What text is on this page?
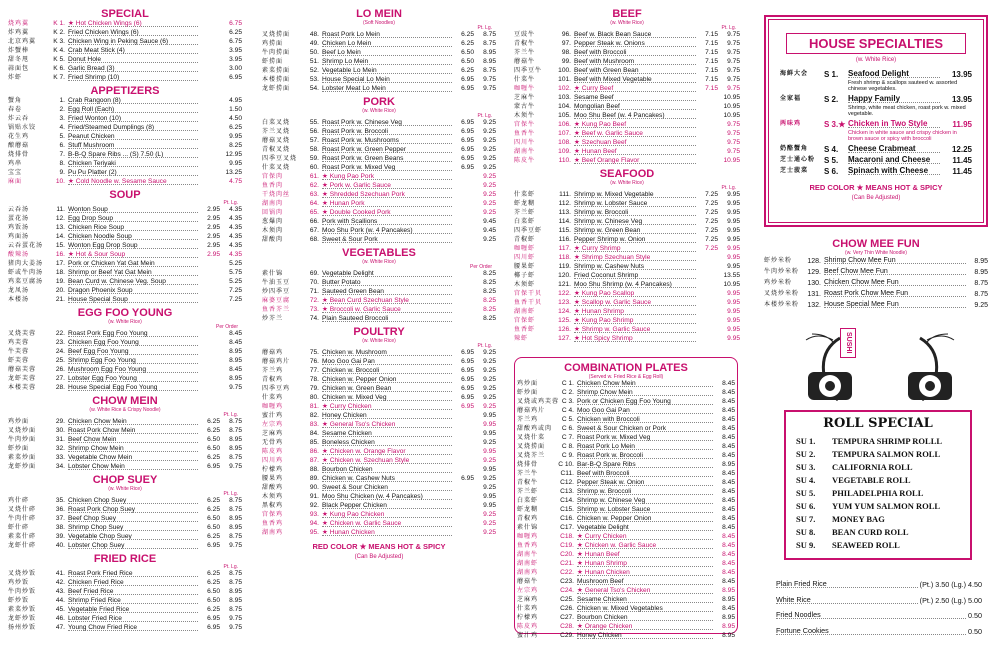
SPECIAL
烧鸡翼	K 1. ★ Hot Chicken Wings (6)	6.75
炸鸡翼	K 2. Fried Chicken Wings (6)	6.25
北京鸡翼	K 3. Chicken Wing in Peking Sauce (6)	6.75
炸蟹棒	K 4. Crab Meat Stick (4)	3.95
甜冬甩	K 5. Donut Hole	3.95
蒜面包	K 6. Garlic Bread (3)	3.00
炸虾	K 7. Fried Shrimp (10)	6.95
APPETIZERS
蟹角	1. Crab Rangoon (8)	4.95
春卷	2. Egg Roll (Each)	1.50
炸云吞	3. Fried Wonton (10)	4.50
锅贴水饺	4. Fried/Steamed Dumplings (8)	6.25
花生鸡	5. Peanut Chicken	9.95
酿蘑菇	6. Stuff Mushroom	8.25
烧排骨	7. B-B-Q Spare Ribs ... (S) 7.50 (L)	12.95
鸡串	8. Chicken Teriyaki	9.95
宝宝	9. Pu Pu Platter (2)	13.25
麻面	10. ★ Cold Noodle w. Sesame Sauce	4.75
SOUP
Pt. Lg.
云吞汤	11. Wonton Soup	2.95	4.35
蛋花汤	12. Egg Drop Soup	2.95	4.35
鸡饭汤	13. Chicken Rice Soup	2.95	4.35
鸡面汤	14. Chicken Noodle Soup	2.95	4.35
云吞蛋花汤	15. Wonton Egg Drop Soup	2.95	4.35
酸辣汤	16. ★ Hot & Sour Soup	2.95	4.35
猪肉大姜汤	17. Pork or Chicken Yat Gat Mein	5.25
虾或牛肉汤	18. Shrimp or Beef Yat Gat Mein	5.75
鸡菜豆腐汤	19. Bean Curd w. Chinese Veg. Soup	5.25
龙凤汤	20. Dragon Phoenix Soup	7.25
本楼汤	21. House Special Soup	7.25
EGG FOO YOUNG
(w. White Rice)
Per Order
叉烧芙蓉	22. Roast Pork Egg Foo Young	8.45
鸡芙蓉	23. Chicken Egg Foo Young	8.45
牛芙蓉	24. Beef Egg Foo Young	8.95
虾芙蓉	25. Shrimp Egg Foo Young	8.95
蘑菇芙蓉	26. Mushroom Egg Foo Young	8.45
龙虾芙蓉	27. Lobster Egg Foo Young	8.95
本楼芙蓉	28. House Special Egg Foo Young	9.75
CHOW MEIN
(w. White Rice & Crispy Noodle)
Pt. Lg.
鸡炒面	29. Chicken Chow Mein	6.25	8.75
叉烧炒面	30. Roast Pork Chow Mein	6.25	8.75
牛肉炒面	31. Beef Chow Mein	6.50	8.95
虾炒面	32. Shrimp Chow Mein	6.50	8.95
素菜炒面	33. Vegetable Chow Mein	6.25	8.75
龙虾炒面	34. Lobster Chow Mein	6.95	9.75
CHOP SUEY
(w. White Rice)
Pt. Lg.
鸡什碎	35. Chicken Chop Suey	6.25	8.75
叉烧什碎	36. Roast Pork Chop Suey	6.25	8.75
牛肉什碎	37. Beef Chop Suey	6.50	8.95
虾什碎	38. Shrimp Chop Suey	6.50	8.95
素菜什碎	39. Vegetable Chop Suey	6.25	8.75
龙虾什碎	40. Lobster Chop Suey	6.95	9.75
FRIED RICE
Pt. Lg.
叉烧炒饭	41. Roast Pork Fried Rice	6.25	8.75
鸡炒饭	42. Chicken Fried Rice	6.25	8.75
牛肉炒饭	43. Beef Fried Rice	6.50	8.95
虾炒饭	44. Shrimp Fried Rice	6.50	8.95
素菜炒饭	45. Vegetable Fried Rice	6.25	8.75
龙虾炒饭	46. Lobster Fried Rice	6.95	9.75
扬州炒饭	47. Young Chow Fried Rice	6.95	9.75
LO MEIN
(Soft Noodles)
Pt. Lg.
叉烧捞面	48. Roast Pork Lo Mein	6.25	8.75
鸡捞面	49. Chicken Lo Mein	6.25	8.75
牛肉捞面	50. Beef Lo Mein	6.50	8.95
虾捞面	51. Shrimp Lo Mein	6.50	8.95
素菜捞面	52. Vegetable Lo Mein	6.25	8.75
本楼捞面	53. House Special Lo Mein	6.95	9.75
龙虾捞面	54. Lobster Meat Lo Mein	6.95	9.75
PORK
(w. White Rice)
Pt. Lg.
白菜叉烧	55. Roast Pork w. Chinese Veg	6.95	9.25
芥兰叉烧	56. Roast Pork w. Broccoli	6.95	9.25
蘑菇叉烧	57. Roast Pork w. Mushrooms	6.95	9.25
青椒叉烧	58. Roast Pork w. Green Pepper	6.95	9.25
四季豆叉烧	59. Roast Pork w. Green Beans	6.95	9.25
什菜叉烧	60. Roast Pork w. Mixed Veg	6.95	9.25
宫保肉	61. ★ Kung Pao Pork	9.25
鱼香肉	62. ★ Pork w. Garlic Sauce	9.25
干烧肉丝	63. ★ Shredded Szechuan Pork	9.25
湖南肉	64. ★ Hunan Pork	9.25
回锅肉	65. ★ Double Cooked Pork	9.25
葱爆肉	66. Pork with Scallions	9.45
木须肉	67. Moo Shu Pork (w. 4 Pancakes)	9.45
甜酸肉	68. Sweet & Sour Pork	9.25
VEGETABLES
(w. White Rice)
Per Order
素什锦	69. Vegetable Delight	8.25
牛油玉豆	70. Butter Potato	8.25
炒四季豆	71. Sauteed Green Bean	8.25
麻婆豆腐	72. ★ Bean Curd Szechuan Style	8.25
鱼香芥兰	73. ★ Broccoli w. Garlic Sauce	8.25
炒芥兰	74. Plain Sauteed Broccoli	8.25
POULTRY
(w. White Rice)
Pt. Lg.
蘑菇鸡	75. Chicken w. Mushroom	6.95	9.25
蘑菇鸡片	76. Moo Goo Gai Pan	6.95	9.25
芥兰鸡	77. Chicken w. Broccoli	6.95	9.25
青椒鸡	78. Chicken w. Pepper Onion	6.95	9.25
四季豆鸡	79. Chicken w. Green Bean	6.95	9.25
什菜鸡	80. Chicken w. Mixed Veg	6.95	9.25
咖喱鸡	81. ★ Curry Chicken	6.95	9.25
蜜汁鸡	82. Honey Chicken	9.95
左宗鸡	83. ★ General Tso's Chicken	9.95
芝麻鸡	84. Sesame Chicken	9.95
无骨鸡	85. Boneless Chicken	9.25
陈皮鸡	86. ★ Chicken w. Orange Flavor	9.95
四川鸡	87. ★ Chicken w. Szechuan Style	9.25
柠檬鸡	88. Bourbon Chicken	9.95
腰果鸡	89. Chicken w. Cashew Nuts	6.95	9.25
甜酸鸡	90. Sweet & Sour Chicken	9.25
木须鸡	91. Moo Shu Chicken (w. 4 Pancakes)	9.95
黑椒鸡	92. Black Pepper Chicken	9.95
宫保鸡	93. ★ Kung Pao Chicken	9.25
鱼香鸡	94. ★ Chicken w. Garlic Sauce	9.25
湖南鸡	95. ★ Hunan Chicken	9.25
RED COLOR ★ MEANS HOT & SPICY
(Can Be Adjusted)
BEEF
(w. White Rice)
Pt. Lg.
豆豉牛	96. Beef w. Black Bean Sauce	7.15	9.75
青椒牛	97. Pepper Steak w. Onions	7.15	9.75
芥兰牛	98. Beef with Broccoli	7.15	9.75
蘑菇牛	99. Beef with Mushroom	7.15	9.75
四季豆牛	100. Beef with Green Bean	7.15	9.75
什菜牛	101. Beef with Mixed Vegetable	7.15	9.75
咖喱牛	102. ★ Curry Beef	7.15	9.75
芝麻牛	103. Sesame Beef	10.95
蒙古牛	104. Mongolian Beef	10.95
木须牛	105. Moo Shu Beef (w. 4 Pancakes)	10.95
宫保牛	106. ★ Kung Pao Beef	9.75
鱼香牛	107. ★ Beef w. Garlic Sauce	9.75
四川牛	108. ★ Szechuan Beef	9.75
湖南牛	109. ★ Hunan Beef	9.75
陈皮牛	110. ★ Beef Orange Flavor	10.95
SEAFOOD
(w. White Rice)
Pt. Lg.
什菜虾	111. Shrimp w. Mixed Vegetable	7.25	9.95
虾龙糊	112. Shrimp w. Lobster Sauce	7.25	9.95
芥兰虾	113. Shrimp w. Broccoli	7.25	9.95
白菜虾	114. Shrimp w. Chinese Veg	7.25	9.95
四季豆虾	115. Shrimp w. Green Bean	7.25	9.95
青椒虾	116. Pepper Shrimp w. Onion	7.25	9.95
咖喱虾	117. ★ Curry Shrimp	7.25	9.95
四川虾	118. ★ Shrimp Szechuan Style	9.95
腰果虾	119. Shrimp w. Cashew Nuts	9.95
椰子虾	120. Fried Coconut Shrimp	13.55
木须虾	121. Moo Shu Shrimp (w. 4 Pancakes)	10.95
宫保干贝	122. ★ Kung Pao Scallop	9.95
鱼香干贝	123. ★ Scallop w. Garlic Sauce	9.95
湖南虾	124. ★ Hunan Shrimp	9.95
宫保虾	125. ★ Kung Pao Shrimp	9.95
鱼香虾	126. ★ Shrimp w. Garlic Sauce	9.95
辣虾	127. ★ Hot Spicy Shrimp	9.95
COMBINATION PLATES
(Served w. Fried Rice & Egg Roll)
鸡炒面	C 1. Chicken Chow Mein	8.45
虾炒面	C 2. Shrimp Chow Mein	8.45
叉烧或鸡芙蓉 C 3. Pork or Chicken Egg Foo Young	8.45
蘑菇鸡片	C 4. Moo Goo Gai Pan	8.45
芥兰鸡	C 5. Chicken with Broccoli	8.45
甜酸鸡或肉	C 6. Sweet & Sour Chicken or Pork	8.45
叉烧什菜	C 7. Roast Pork w. Mixed Veg	8.45
叉烧捞面	C 8. Roast Pork Lo Mein	8.45
叉烧芥兰	C 9. Roast Pork w. Broccoli	8.45
烧排骨	C 10. Bar-B-Q Spare Ribs	8.95
芥兰牛	C11. Beef with Broccoli	8.45
青椒牛	C12. Pepper Steak w. Onion	8.45
芥兰虾	C13. Shrimp w. Broccoli	8.45
白菜虾	C14. Shrimp w. Chinese Veg	8.45
虾龙糊	C15. Shrimp w. Lobster Sauce	8.45
青椒鸡	C16. Chicken w. Pepper Onion	8.45
素什锦	C17. Vegetable Delight	8.45
咖喱鸡	C18. ★ Curry Chicken	8.45
鱼香鸡	C19. ★ Chicken w. Garlic Sauce	8.45
湖南牛	C20. ★ Hunan Beef	8.45
湖南虾	C21. ★ Hunan Shrimp	8.45
湖南鸡	C22. ★ Hunan Chicken	8.45
蘑菇牛	C23. Mushroom Beef	8.45
左宗鸡	C24. ★ General Tso's Chicken	8.95
芝麻鸡	C25. Sesame Chicken	8.95
什菜鸡	C26. Chicken w. Mixed Vegetables	8.45
柠檬鸡	C27. Bourbon Chicken	8.95
陈皮鸡	C28. ★ Orange Chicken	8.95
蜜汁鸡	C29. Honey Chicken	8.95
HOUSE SPECIALTIES
(w. White Rice)
海鲜大会	S 1.	Seafood Delight	13.95
Fresh shrimp & scallops sauteed w. assorted chinese vegetables.
全家福	S 2.	Happy Family	13.95
Shrimp, white meat chicken, roast pork w. mixed vegetable.
两味鸡	S 3.★ Chicken in Two Style	11.95
Chicken in white sauce and crispy chicken in brown sauce or spicy with broccoli
奶酪蟹角	S 4.	Cheese Crabmeat	12.25
芝士通心粉	S 5.	Macaroni and Cheese	11.45
芝士菠菜	S 6.	Spinach with Cheese	11.45
RED COLOR ★ MEANS HOT & SPICY
(Can Be Adjusted)
CHOW MEE FUN
(w. Very Thin White Noodle)
虾炒米粉	128. Shrimp Chow Mee Fun	8.95
牛肉炒米粉	129. Beef Chow Mee Fun	8.95
鸡炒米粉	130. Chicken Chow Mee Fun	8.75
叉烧炒米粉	131. Roast Pork Chow Mee Fun	8.75
本楼炒米粉	132. House Special Mee Fun	9.25
SUSHI
ROLL SPECIAL
SU 1.	TEMPURA SHRIMP ROLLL
SU 2.	TEMPURA SALMON ROLL
SU 3.	CALIFORNIA ROLL
SU 4.	VEGETABLE ROLL
SU 5.	PHILADELPHIA ROLL
SU 6.	YUM YUM SALMON ROLL
SU 7.	MONEY BAG
SU 8.	BEAN CURD ROLL
SU 9.	SEAWEED ROLL
Plain Fried Rice	(Pt.) 3.50 (Lg.) 4.50
White Rice	(Pt.) 2.50 (Lg.) 5.00
Fried Noodles	0.50
Fortune Cookies	0.50
